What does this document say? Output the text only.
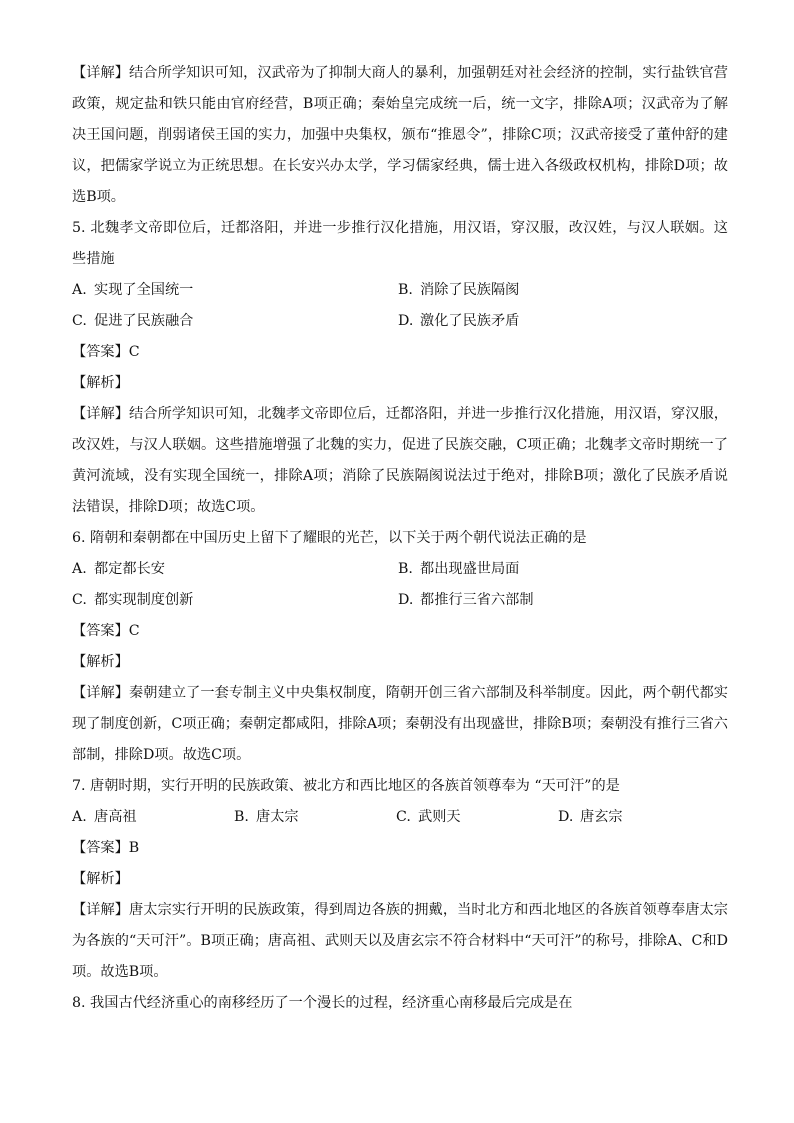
【详解】结合所学知识可知，汉武帝为了抑制大商人的暴利，加强朝廷对社会经济的控制，实行盐铁官营政策，规定盐和铁只能由官府经营，B项正确；秦始皇完成统一后，统一文字，排除A项；汉武帝为了解决王国问题，削弱诸侯王国的实力，加强中央集权，颁布“推恩令”，排除C项；汉武帝接受了董仲舒的建议，把儒家学说立为正统思想。在长安兴办太学，学习儒家经典，儒士进入各级政权机构，排除D项；故选B项。

5. 北魏孝文帝即位后，迁都洛阳，并进一步推行汉化措施，用汉语，穿汉服，改汉姓，与汉人联姻。这些措施

A. 实现了全国统一	B. 消除了民族隔阂
C. 促进了民族融合	D. 激化了民族矛盾

【答案】C

【解析】

【详解】结合所学知识可知，北魏孝文帝即位后，迁都洛阳，并进一步推行汉化措施，用汉语，穿汉服，改汉姓，与汉人联姻。这些措施增强了北魏的实力，促进了民族交融，C项正确；北魏孝文帝时期统一了黄河流域，没有实现全国统一，排除A项；消除了民族隔阂说法过于绝对，排除B项；激化了民族矛盾说法错误，排除D项；故选C项。

6. 隋朝和秦朝都在中国历史上留下了耀眼的光芒，以下关于两个朝代说法正确的是

A. 都定都长安	B. 都出现盛世局面
C. 都实现制度创新	D. 都推行三省六部制

【答案】C

【解析】

【详解】秦朝建立了一套专制主义中央集权制度，隋朝开创三省六部制及科举制度。因此，两个朝代都实现了制度创新，C项正确；秦朝定都咸阳，排除A项；秦朝没有出现盛世，排除B项；秦朝没有推行三省六部制，排除D项。故选C项。

7. 唐朝时期，实行开明的民族政策、被北方和西比地区的各族首领尊奉为 “天可汗”的是

A. 唐高祖	B. 唐太宗	C. 武则天	D. 唐玄宗

【答案】B

【解析】

【详解】唐太宗实行开明的民族政策，得到周边各族的拥戴，当时北方和西北地区的各族首领尊奉唐太宗为各族的“天可汗”。B项正确；唐高祖、武则天以及唐玄宗不符合材料中“天可汗”的称号，排除A、C和D项。故选B项。

8. 我国古代经济重心的南移经历了一个漫长的过程，经济重心南移最后完成是在
